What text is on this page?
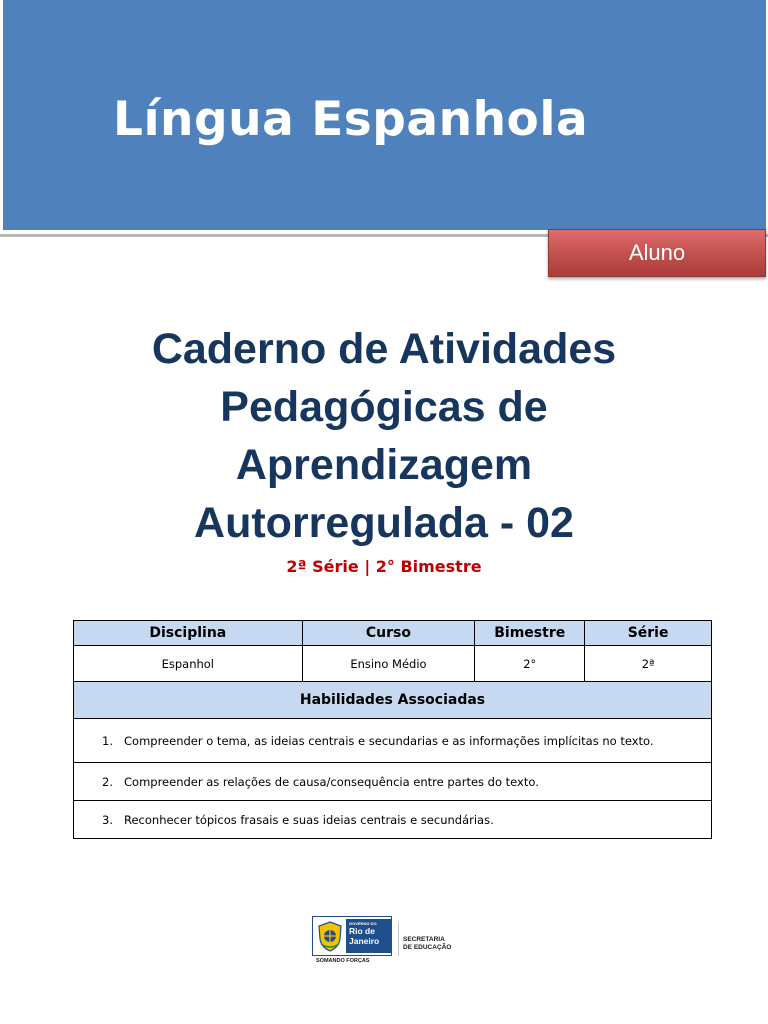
Língua Espanhola
Aluno
Caderno de Atividades
Pedagógicas de
Aprendizagem
Autorregulada - 02
2ª Série | 2° Bimestre
Disciplina	Curso	Bimestre	Série
Espanhol	Ensino Médio	2°	2ª
Habilidades Associadas			
1. Compreender o tema, as ideias centrais e secundarias e as informações implícitas no texto.			
2. Compreender as relações de causa/consequência entre partes do texto.			
3. Reconhecer tópicos frasais e suas ideias centrais e secundárias.			
GOVERNO DO
Rio de
Janeiro
SOMANDO FORÇAS
SECRETARIA
DE EDUCAÇÃO
